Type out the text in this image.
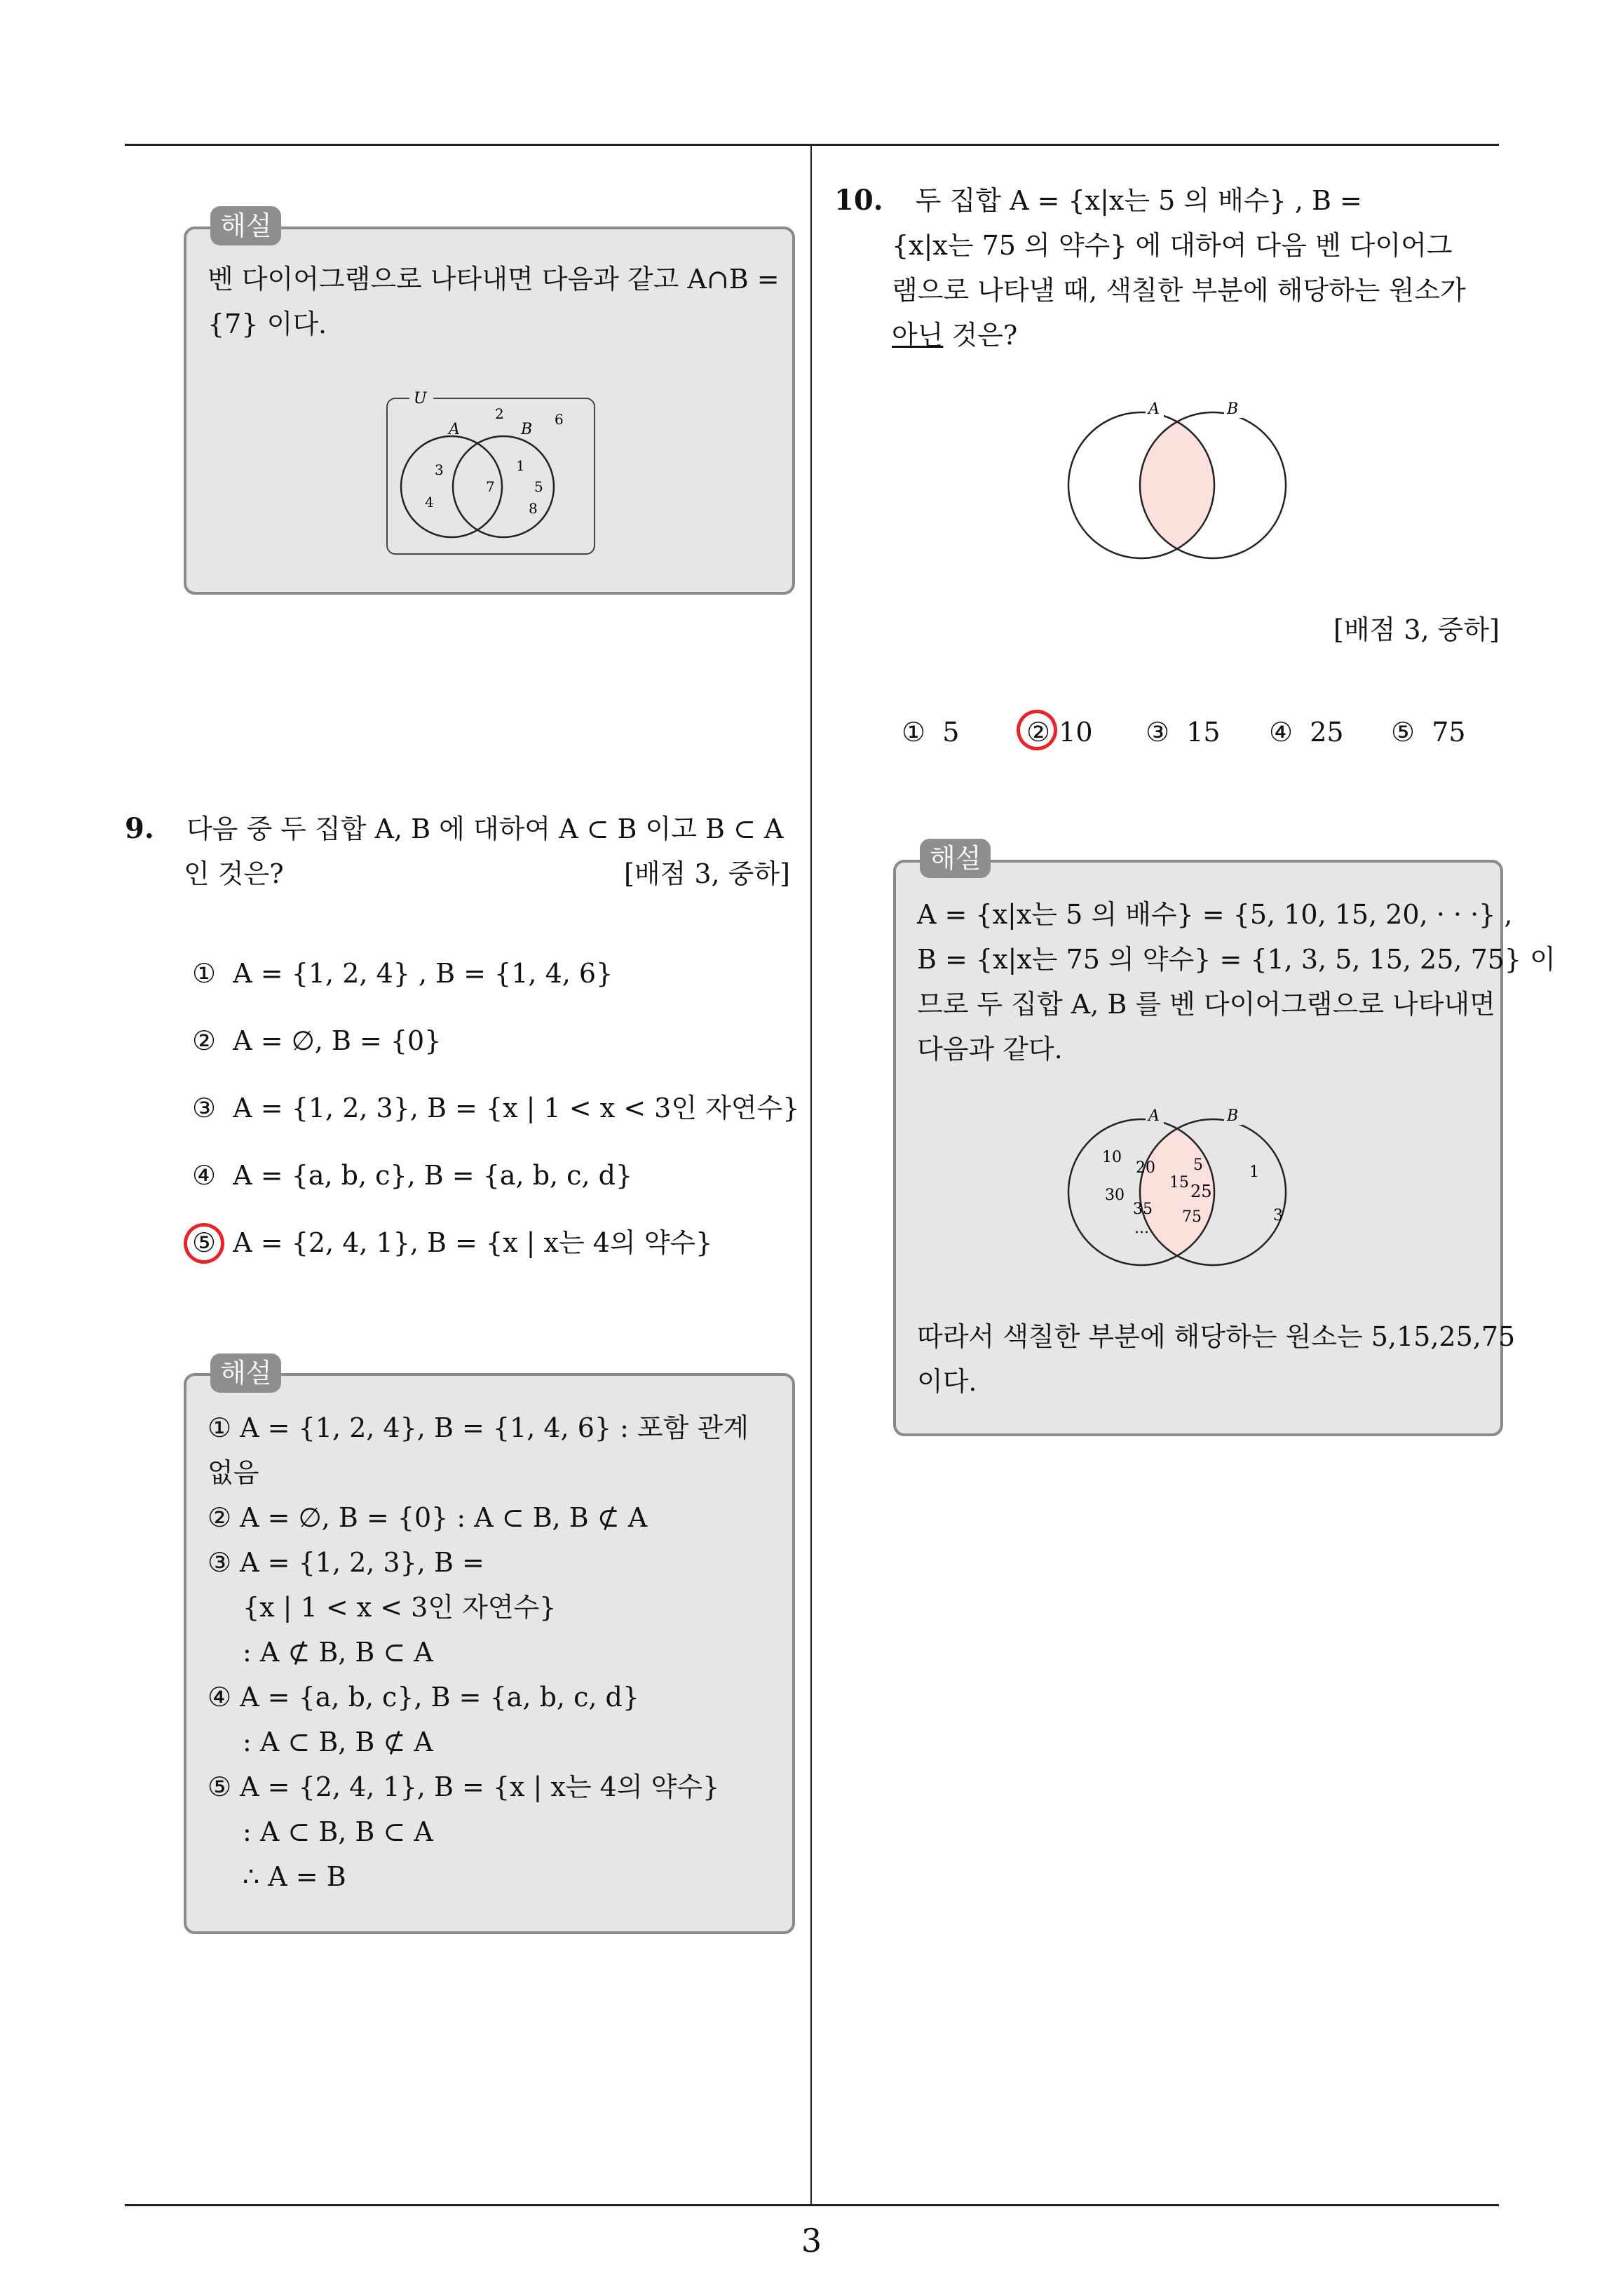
해설
벤 다이어그램으로 나타내면 다음과 같고 A∩B =
{7} 이다.
U
A	B
2	6
3
4
7
1
5
8
9. 다음 중 두 집합 A, B 에 대하여 A ⊂ B 이고 B ⊂ A
인 것은?	[배점 3, 중하]
① A = {1, 2, 4} , B = {1, 4, 6}
② A = ∅, B = {0}
③ A = {1, 2, 3}, B = {x | 1 < x < 3인 자연수}
④ A = {a, b, c}, B = {a, b, c, d}
⑤ A = {2, 4, 1}, B = {x | x는 4의 약수}
해설
① A = {1, 2, 4}, B = {1, 4, 6} : 포함 관계
없음
② A = ∅, B = {0} : A ⊂ B, B ⊄ A
③ A = {1, 2, 3}, B =
{x | 1 < x < 3인 자연수}
: A ⊄ B, B ⊂ A
④ A = {a, b, c}, B = {a, b, c, d}
: A ⊂ B, B ⊄ A
⑤ A = {2, 4, 1}, B = {x | x는 4의 약수}
: A ⊂ B, B ⊂ A
∴ A = B
10. 두 집합 A = {x|x는 5 의 배수} , B =
{x|x는 75 의 약수} 에 대하여 다음 벤 다이어그
램으로 나타낼 때, 색칠한 부분에 해당하는 원소가
아닌 것은?
A	B
[배점 3, 중하]
① 5	② 10 ③ 15 ④ 25 ⑤ 75
해설
A = {x|x는 5 의 배수} = {5, 10, 15, 20, · · ·} ,
B = {x|x는 75 의 약수} = {1, 3, 5, 15, 25, 75} 이
므로 두 집합 A, B 를 벤 다이어그램으로 나타내면
다음과 같다.
A	B
10
20
30
35
...
5
15 25
75
1
3
따라서 색칠한 부분에 해당하는 원소는 5,15,25,75
이다.
3
